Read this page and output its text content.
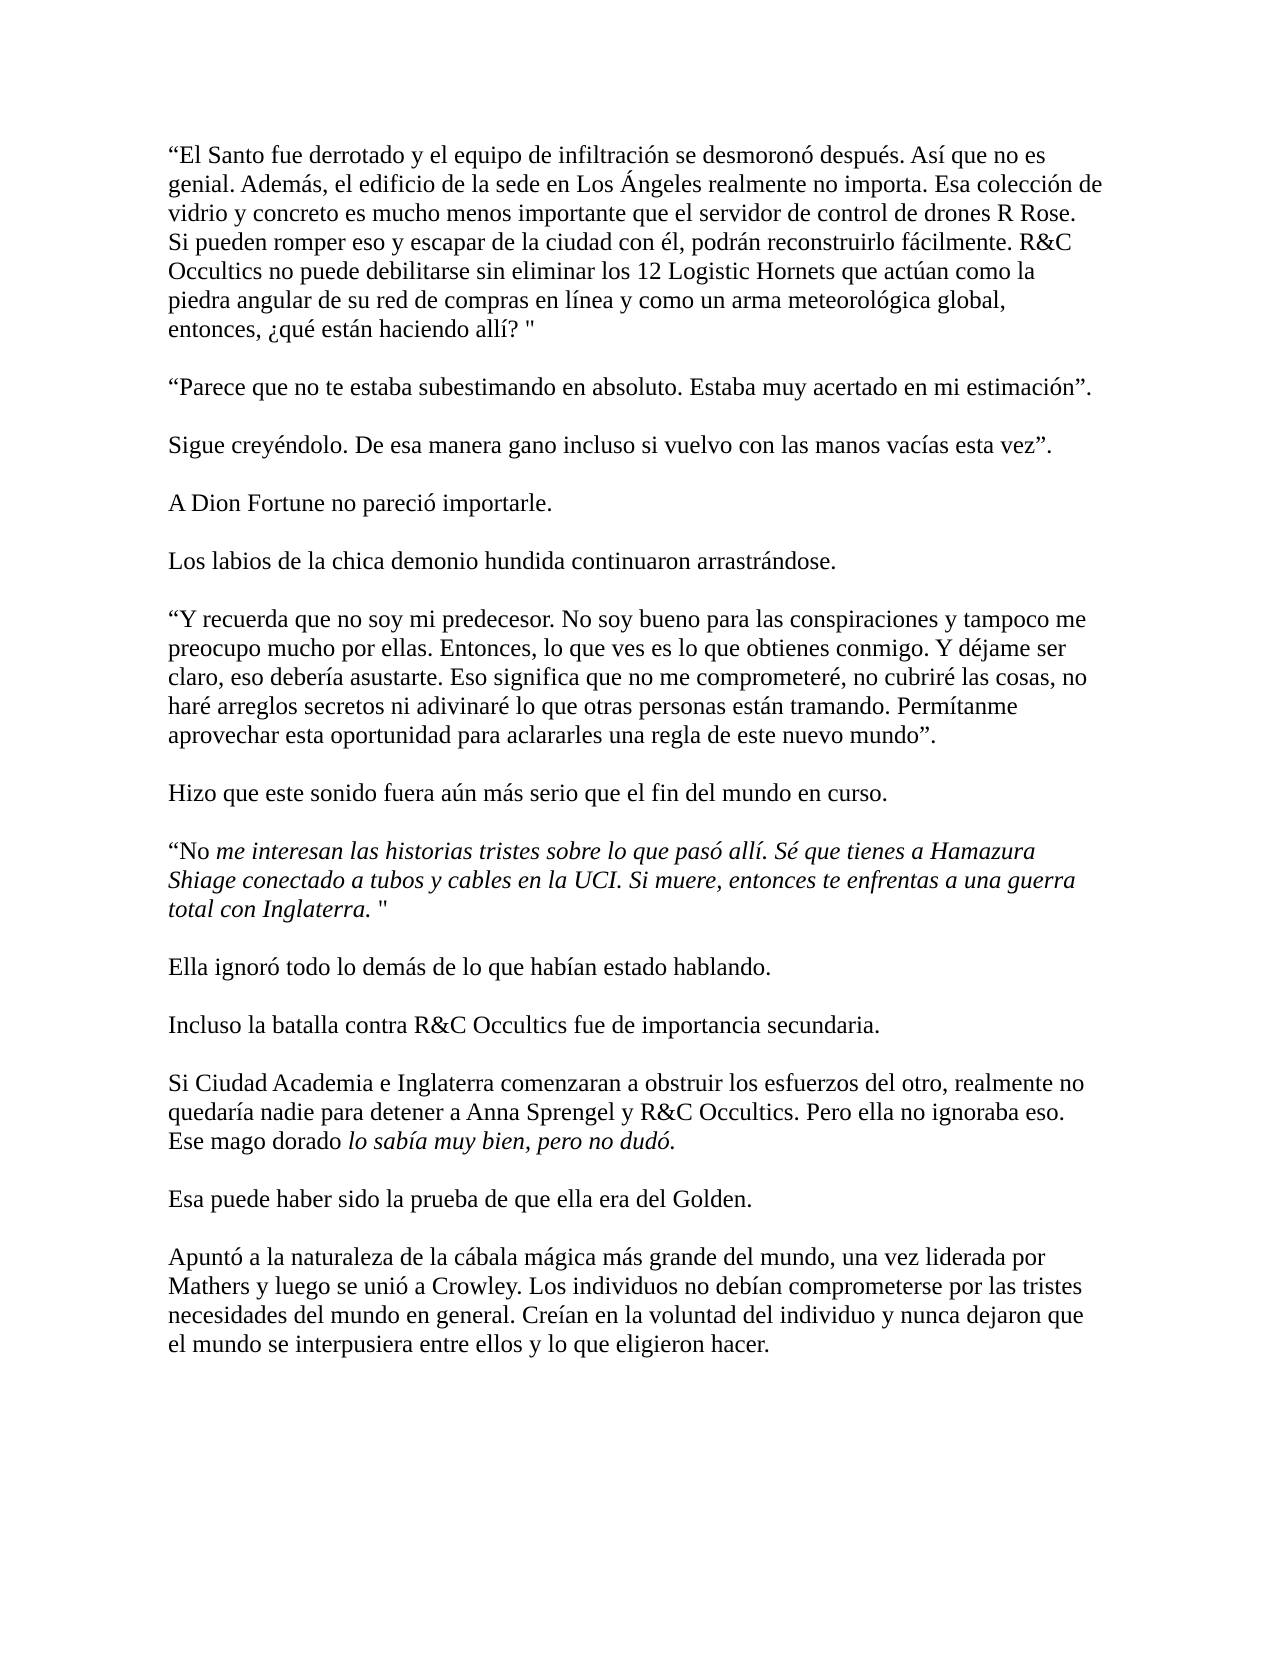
“El Santo fue derrotado y el equipo de infiltración se desmoronó después. Así que no es genial. Además, el edificio de la sede en Los Ángeles realmente no importa. Esa colección de vidrio y concreto es mucho menos importante que el servidor de control de drones R Rose. Si pueden romper eso y escapar de la ciudad con él, podrán reconstruirlo fácilmente. R&C Occultics no puede debilitarse sin eliminar los 12 Logistic Hornets que actúan como la piedra angular de su red de compras en línea y como un arma meteorológica global, entonces, ¿qué están haciendo allí? "

“Parece que no te estaba subestimando en absoluto. Estaba muy acertado en mi estimación”.

Sigue creyéndolo. De esa manera gano incluso si vuelvo con las manos vacías esta vez”.

A Dion Fortune no pareció importarle.

Los labios de la chica demonio hundida continuaron arrastrándose.

“Y recuerda que no soy mi predecesor. No soy bueno para las conspiraciones y tampoco me preocupo mucho por ellas. Entonces, lo que ves es lo que obtienes conmigo. Y déjame ser claro, eso debería asustarte. Eso significa que no me comprometeré, no cubriré las cosas, no haré arreglos secretos ni adivinaré lo que otras personas están tramando. Permítanme aprovechar esta oportunidad para aclararles una regla de este nuevo mundo”.

Hizo que este sonido fuera aún más serio que el fin del mundo en curso.

“No me interesan las historias tristes sobre lo que pasó allí. Sé que tienes a Hamazura Shiage conectado a tubos y cables en la UCI. Si muere, entonces te enfrentas a una guerra total con Inglaterra. "

Ella ignoró todo lo demás de lo que habían estado hablando.

Incluso la batalla contra R&C Occultics fue de importancia secundaria.

Si Ciudad Academia e Inglaterra comenzaran a obstruir los esfuerzos del otro, realmente no quedaría nadie para detener a Anna Sprengel y R&C Occultics. Pero ella no ignoraba eso. Ese mago dorado lo sabía muy bien, pero no dudó.

Esa puede haber sido la prueba de que ella era del Golden.

Apuntó a la naturaleza de la cábala mágica más grande del mundo, una vez liderada por Mathers y luego se unió a Crowley. Los individuos no debían comprometerse por las tristes necesidades del mundo en general. Creían en la voluntad del individuo y nunca dejaron que el mundo se interpusiera entre ellos y lo que eligieron hacer.
